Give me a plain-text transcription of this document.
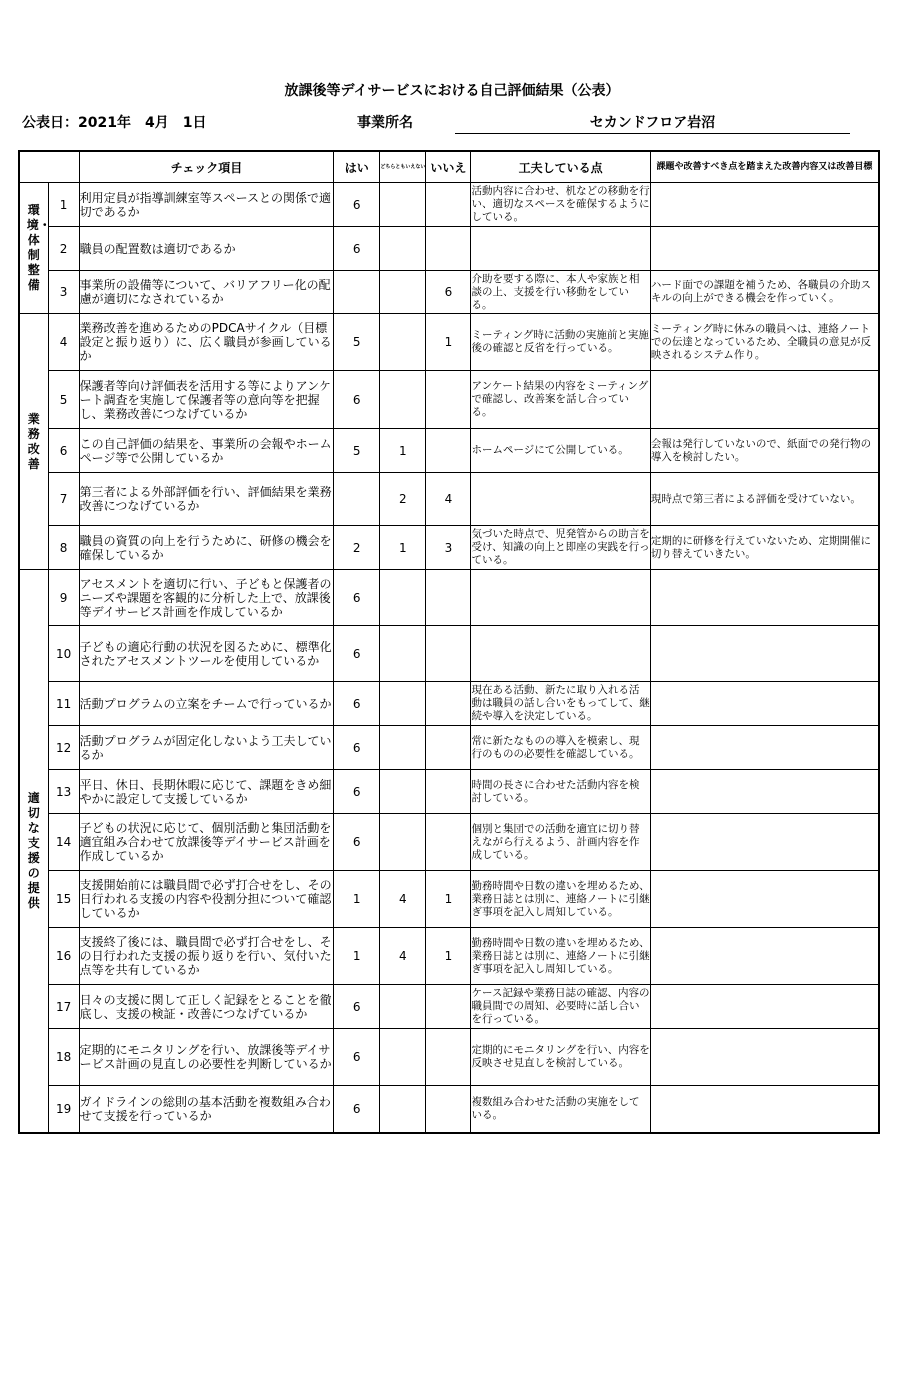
放課後等デイサービスにおける自己評価結果（公表）
公表日：2021年　4月　1日	事業所名	セカンドフロア岩沼
		チェック項目	はい	どちらともいえない	いいえ	工夫している点	課題や改善すべき点を踏まえた改善内容又は改善目標
環境・体制整備	1	利用定員が指導訓練室等スペースとの関係で適切であるか	6			活動内容に合わせ、机などの移動を行い、適切なスペースを確保するようにしている。	
	2	職員の配置数は適切であるか	6				
	3	事業所の設備等について、バリアフリー化の配慮が適切になされているか			6	介助を要する際に、本人や家族と相談の上、支援を行い移動をしている。	ハード面での課題を補うため、各職員の介助スキルの向上ができる機会を作っていく。
業務改善	4	業務改善を進めるためのPDCAサイクル（目標設定と振り返り）に、広く職員が参画しているか	5		1	ミーティング時に活動の実施前と実施後の確認と反省を行っている。	ミーティング時に休みの職員へは、連絡ノートでの伝達となっているため、全職員の意見が反映されるシステム作り。
	5	保護者等向け評価表を活用する等によりアンケート調査を実施して保護者等の意向等を把握し、業務改善につなげているか	6			アンケート結果の内容をミーティングで確認し、改善案を話し合っている。	
	6	この自己評価の結果を、事業所の会報やホームページ等で公開しているか	5	1		ホームページにて公開している。	会報は発行していないので、紙面での発行物の導入を検討したい。
	7	第三者による外部評価を行い、評価結果を業務改善につなげているか		2	4		現時点で第三者による評価を受けていない。
	8	職員の資質の向上を行うために、研修の機会を確保しているか	2	1	3	気づいた時点で、児発管からの助言を受け、知識の向上と即座の実践を行っている。	定期的に研修を行えていないため、定期開催に切り替えていきたい。
適切な支援の提供	9	アセスメントを適切に行い、子どもと保護者のニーズや課題を客観的に分析した上で、放課後等デイサービス計画を作成しているか	6				
	10	子どもの適応行動の状況を図るために、標準化されたアセスメントツールを使用しているか	6				
	11	活動プログラムの立案をチームで行っているか	6			現在ある活動、新たに取り入れる活動は職員の話し合いをもってして、継続や導入を決定している。	
	12	活動プログラムが固定化しないよう工夫しているか	6			常に新たなものの導入を模索し、現行のものの必要性を確認している。	
	13	平日、休日、長期休暇に応じて、課題をきめ細やかに設定して支援しているか	6			時間の長さに合わせた活動内容を検討している。	
	14	子どもの状況に応じて、個別活動と集団活動を適宜組み合わせて放課後等デイサービス計画を作成しているか	6			個別と集団での活動を適宜に切り替えながら行えるよう、計画内容を作成している。	
	15	支援開始前には職員間で必ず打合せをし、その日行われる支援の内容や役割分担について確認しているか	1	4	1	勤務時間や日数の違いを埋めるため、業務日誌とは別に、連絡ノートに引継ぎ事項を記入し周知している。	
	16	支援終了後には、職員間で必ず打合せをし、その日行われた支援の振り返りを行い、気付いた点等を共有しているか	1	4	1	勤務時間や日数の違いを埋めるため、業務日誌とは別に、連絡ノートに引継ぎ事項を記入し周知している。	
	17	日々の支援に関して正しく記録をとることを徹底し、支援の検証・改善につなげているか	6			ケース記録や業務日誌の確認、内容の職員間での周知、必要時に話し合いを行っている。	
	18	定期的にモニタリングを行い、放課後等デイサービス計画の見直しの必要性を判断しているか	6			定期的にモニタリングを行い、内容を反映させ見直しを検討している。	
	19	ガイドラインの総則の基本活動を複数組み合わせて支援を行っているか	6			複数組み合わせた活動の実施をしている。	
